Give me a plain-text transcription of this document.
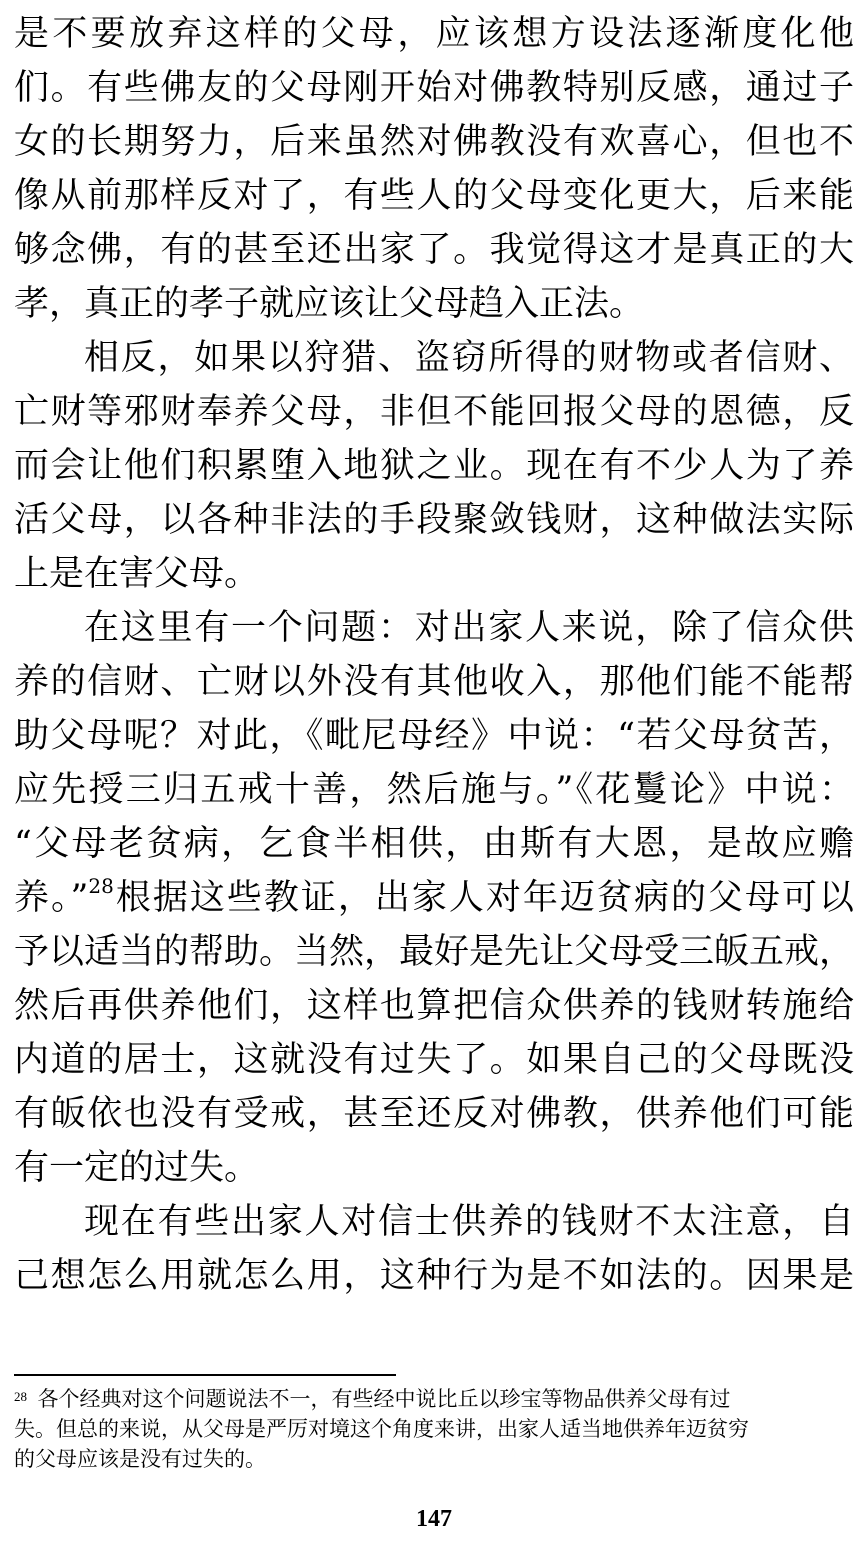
是不要放弃这样的父母，应该想方设法逐渐度化他
们。有些佛友的父母刚开始对佛教特别反感，通过子
女的长期努力，后来虽然对佛教没有欢喜心，但也不
像从前那样反对了，有些人的父母变化更大，后来能
够念佛，有的甚至还出家了。我觉得这才是真正的大
孝，真正的孝子就应该让父母趋入正法。
相反，如果以狩猎、盗窃所得的财物或者信财、
亡财等邪财奉养父母，非但不能回报父母的恩德，反
而会让他们积累堕入地狱之业。现在有不少人为了养
活父母，以各种非法的手段聚敛钱财，这种做法实际
上是在害父母。
在这里有一个问题：对出家人来说，除了信众供
养的信财、亡财以外没有其他收入，那他们能不能帮
助父母呢？对此，《毗尼母经》中说：“若父母贫苦，
应先授三归五戒十善，然后施与。”《花鬘论》中说：
“父母老贫病，乞食半相供，由斯有大恩，是故应赡
养。”$^{28}$根据这些教证，出家人对年迈贫病的父母可以
予以适当的帮助。当然，最好是先让父母受三皈五戒，
然后再供养他们，这样也算把信众供养的钱财转施给
内道的居士，这就没有过失了。如果自己的父母既没
有皈依也没有受戒，甚至还反对佛教，供养他们可能
有一定的过失。
现在有些出家人对信士供养的钱财不太注意，自
己想怎么用就怎么用，这种行为是不如法的。因果是
$^{28}$ 各个经典对这个问题说法不一，有些经中说比丘以珍宝等物品供养父母有过
失。但总的来说，从父母是严厉对境这个角度来讲，出家人适当地供养年迈贫穷
的父母应该是没有过失的。
147
